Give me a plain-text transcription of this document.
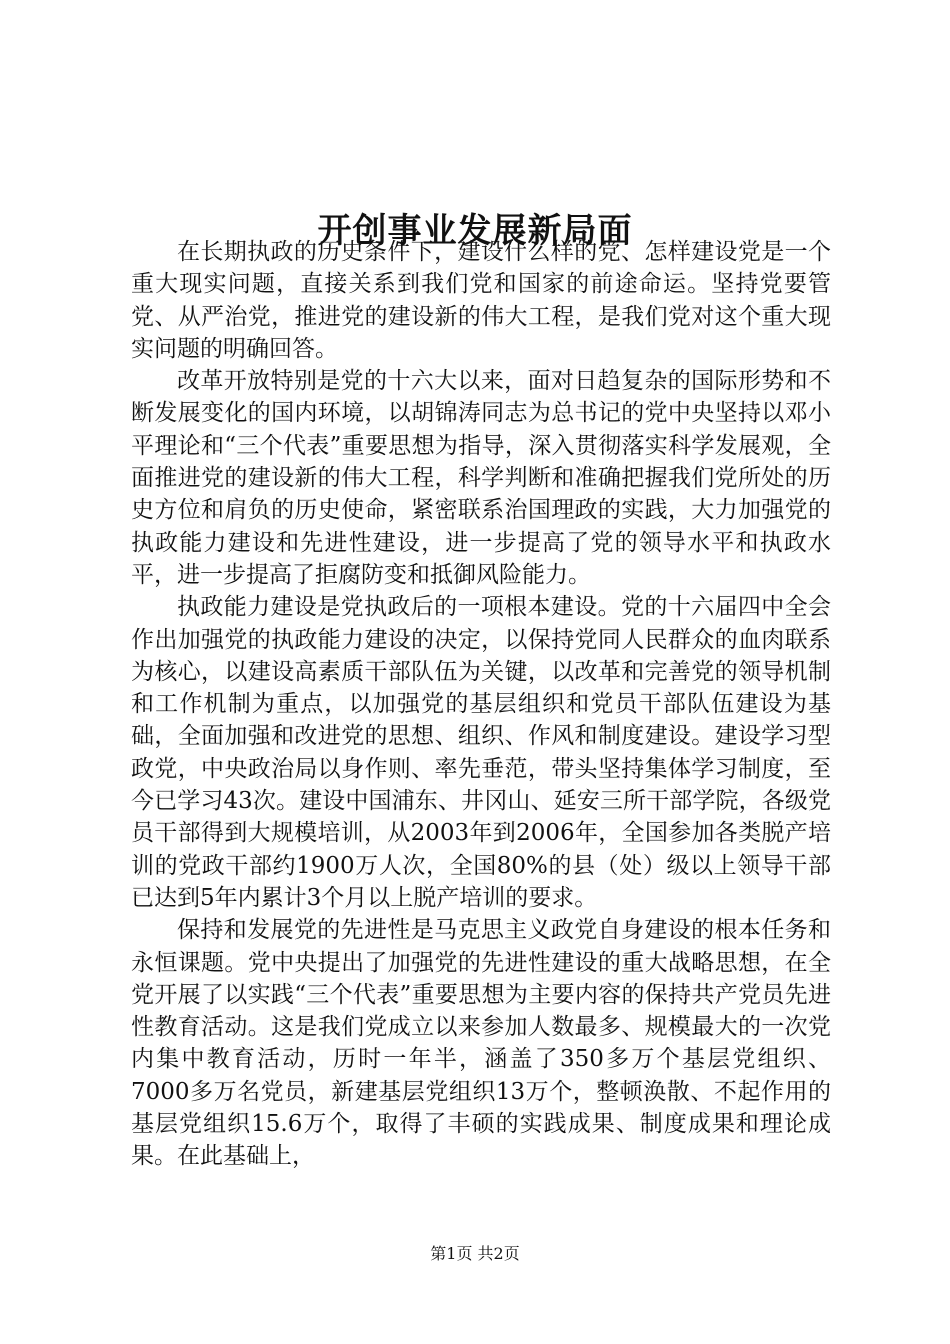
开创事业发展新局面

在长期执政的历史条件下，建设什么样的党、怎样建设党是一个重大现实问题，直接关系到我们党和国家的前途命运。坚持党要管党、从严治党，推进党的建设新的伟大工程，是我们党对这个重大现实问题的明确回答。

改革开放特别是党的十六大以来，面对日趋复杂的国际形势和不断发展变化的国内环境，以胡锦涛同志为总书记的党中央坚持以邓小平理论和“三个代表”重要思想为指导，深入贯彻落实科学发展观，全面推进党的建设新的伟大工程，科学判断和准确把握我们党所处的历史方位和肩负的历史使命，紧密联系治国理政的实践，大力加强党的执政能力建设和先进性建设，进一步提高了党的领导水平和执政水平，进一步提高了拒腐防变和抵御风险能力。

执政能力建设是党执政后的一项根本建设。党的十六届四中全会作出加强党的执政能力建设的决定，以保持党同人民群众的血肉联系为核心，以建设高素质干部队伍为关键，以改革和完善党的领导机制和工作机制为重点，以加强党的基层组织和党员干部队伍建设为基础，全面加强和改进党的思想、组织、作风和制度建设。建设学习型政党，中央政治局以身作则、率先垂范，带头坚持集体学习制度，至今已学习43次。建设中国浦东、井冈山、延安三所干部学院，各级党员干部得到大规模培训，从2003年到2006年，全国参加各类脱产培训的党政干部约1900万人次，全国80%的县（处）级以上领导干部已达到5年内累计3个月以上脱产培训的要求。

保持和发展党的先进性是马克思主义政党自身建设的根本任务和永恒课题。党中央提出了加强党的先进性建设的重大战略思想，在全党开展了以实践“三个代表”重要思想为主要内容的保持共产党员先进性教育活动。这是我们党成立以来参加人数最多、规模最大的一次党内集中教育活动，历时一年半，涵盖了350多万个基层党组织、7000多万名党员，新建基层党组织13万个，整顿涣散、不起作用的基层党组织15.6万个，取得了丰硕的实践成果、制度成果和理论成果。在此基础上，

第1页 共2页
